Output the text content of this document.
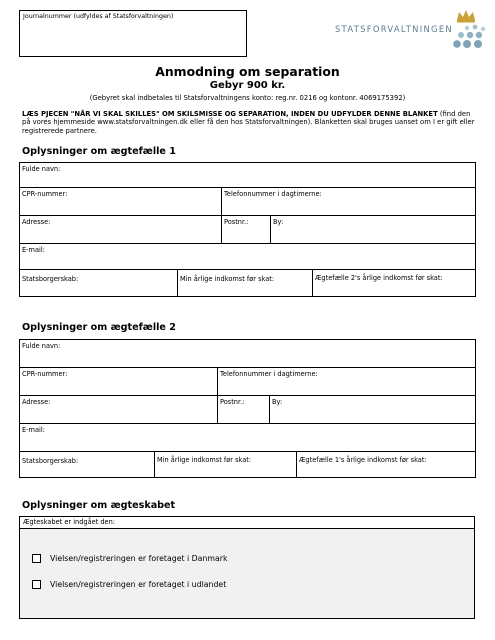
Journalnummer (udfyldes af Statsforvaltningen)
STATSFORVALTNINGEN
Anmodning om separation
Gebyr 900 kr.
(Gebyret skal indbetales til Statsforvaltningens konto: reg.nr. 0216 og kontonr. 4069175392)
LÆS PJECEN "NÅR VI SKAL SKILLES" OM SKILSMISSE OG SEPARATION, INDEN DU UDFYLDER DENNE BLANKET (find den på vores hjemmeside www.statsforvaltningen.dk eller få den hos Statsforvaltningen). Blanketten skal bruges uanset om I er gift eller registrerede partnere.
Oplysninger om ægtefælle 1
Fulde navn:				
CPR-nummer:		Telefonnummer i dagtimerne:		
Adresse:		Postnr.:	By:	
E-mail:				
Statsborgerskab:	Min årlige indkomst før skat:			Ægtefælle 2's årlige indkomst før skat:
Oplysninger om ægtefælle 2
Fulde navn:				
CPR-nummer:		Telefonnummer i dagtimerne:		
Adresse:		Postnr.:	By:	
E-mail:				
Statsborgerskab:	Min årlige indkomst før skat:			Ægtefælle 1's årlige indkomst før skat:
Oplysninger om ægteskabet
Ægteskabet er indgået den:
Vielsen/registreringen er foretaget i Danmark
Vielsen/registreringen er foretaget i udlandet
